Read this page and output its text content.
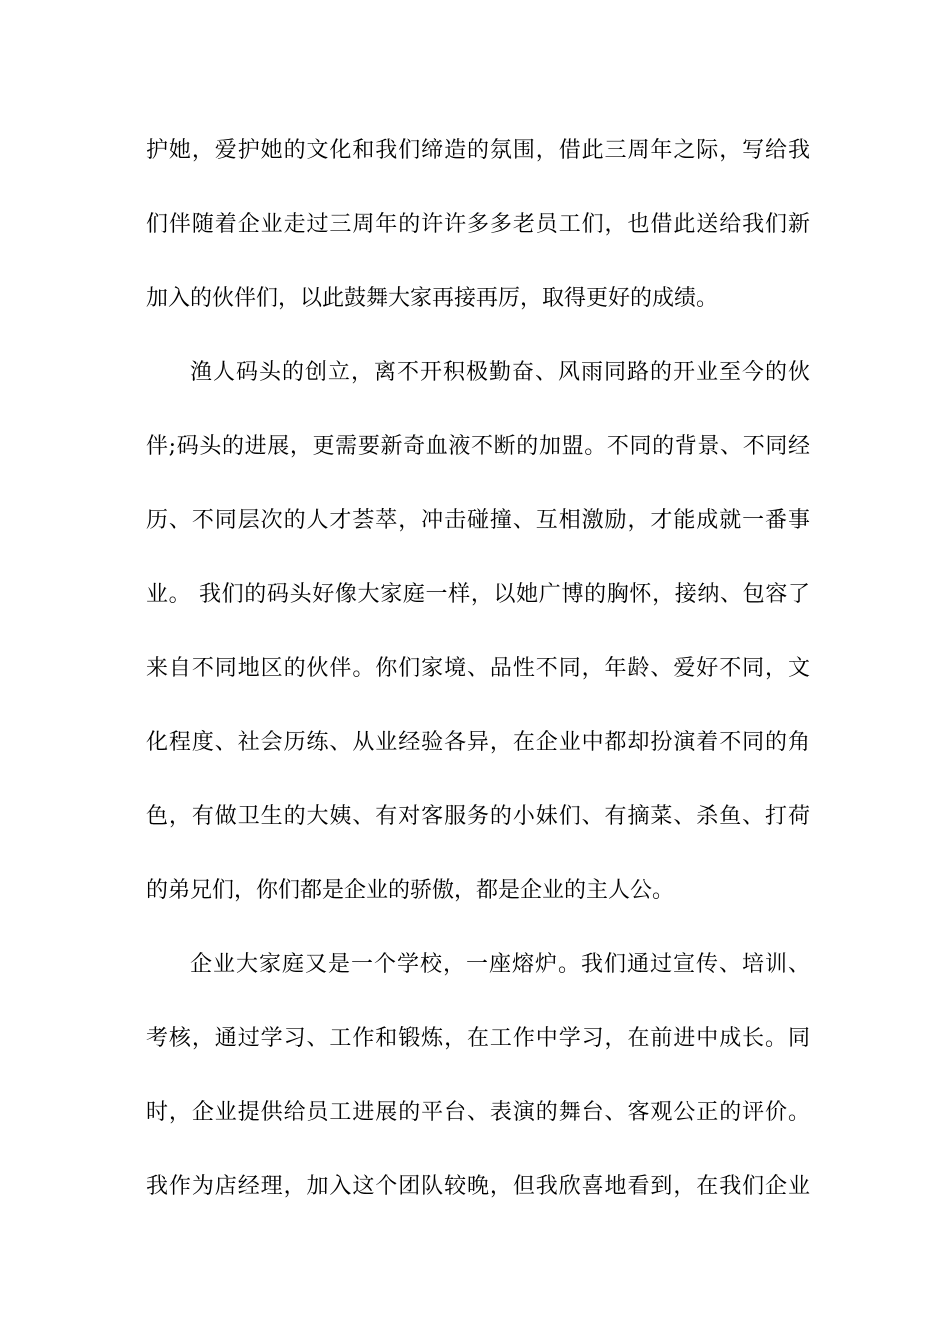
护她，爱护她的文化和我们缔造的氛围，借此三周年之际，写给我
们伴随着企业走过三周年的许许多多老员工们，也借此送给我们新
加入的伙伴们，以此鼓舞大家再接再厉，取得更好的成绩。
渔人码头的创立，离不开积极勤奋、风雨同路的开业至今的伙
伴;码头的进展，更需要新奇血液不断的加盟。不同的背景、不同经
历、不同层次的人才荟萃，冲击碰撞、互相激励，才能成就一番事
业。 我们的码头好像大家庭一样，以她广博的胸怀，接纳、包容了
来自不同地区的伙伴。你们家境、品性不同，年龄、爱好不同，文
化程度、社会历练、从业经验各异，在企业中都却扮演着不同的角
色，有做卫生的大姨、有对客服务的小妹们、有摘菜、杀鱼、打荷
的弟兄们，你们都是企业的骄傲，都是企业的主人公。
企业大家庭又是一个学校，一座熔炉。我们通过宣传、培训、
考核，通过学习、工作和锻炼，在工作中学习，在前进中成长。同
时，企业提供给员工进展的平台、表演的舞台、客观公正的评价。
我作为店经理，加入这个团队较晚，但我欣喜地看到，在我们企业
